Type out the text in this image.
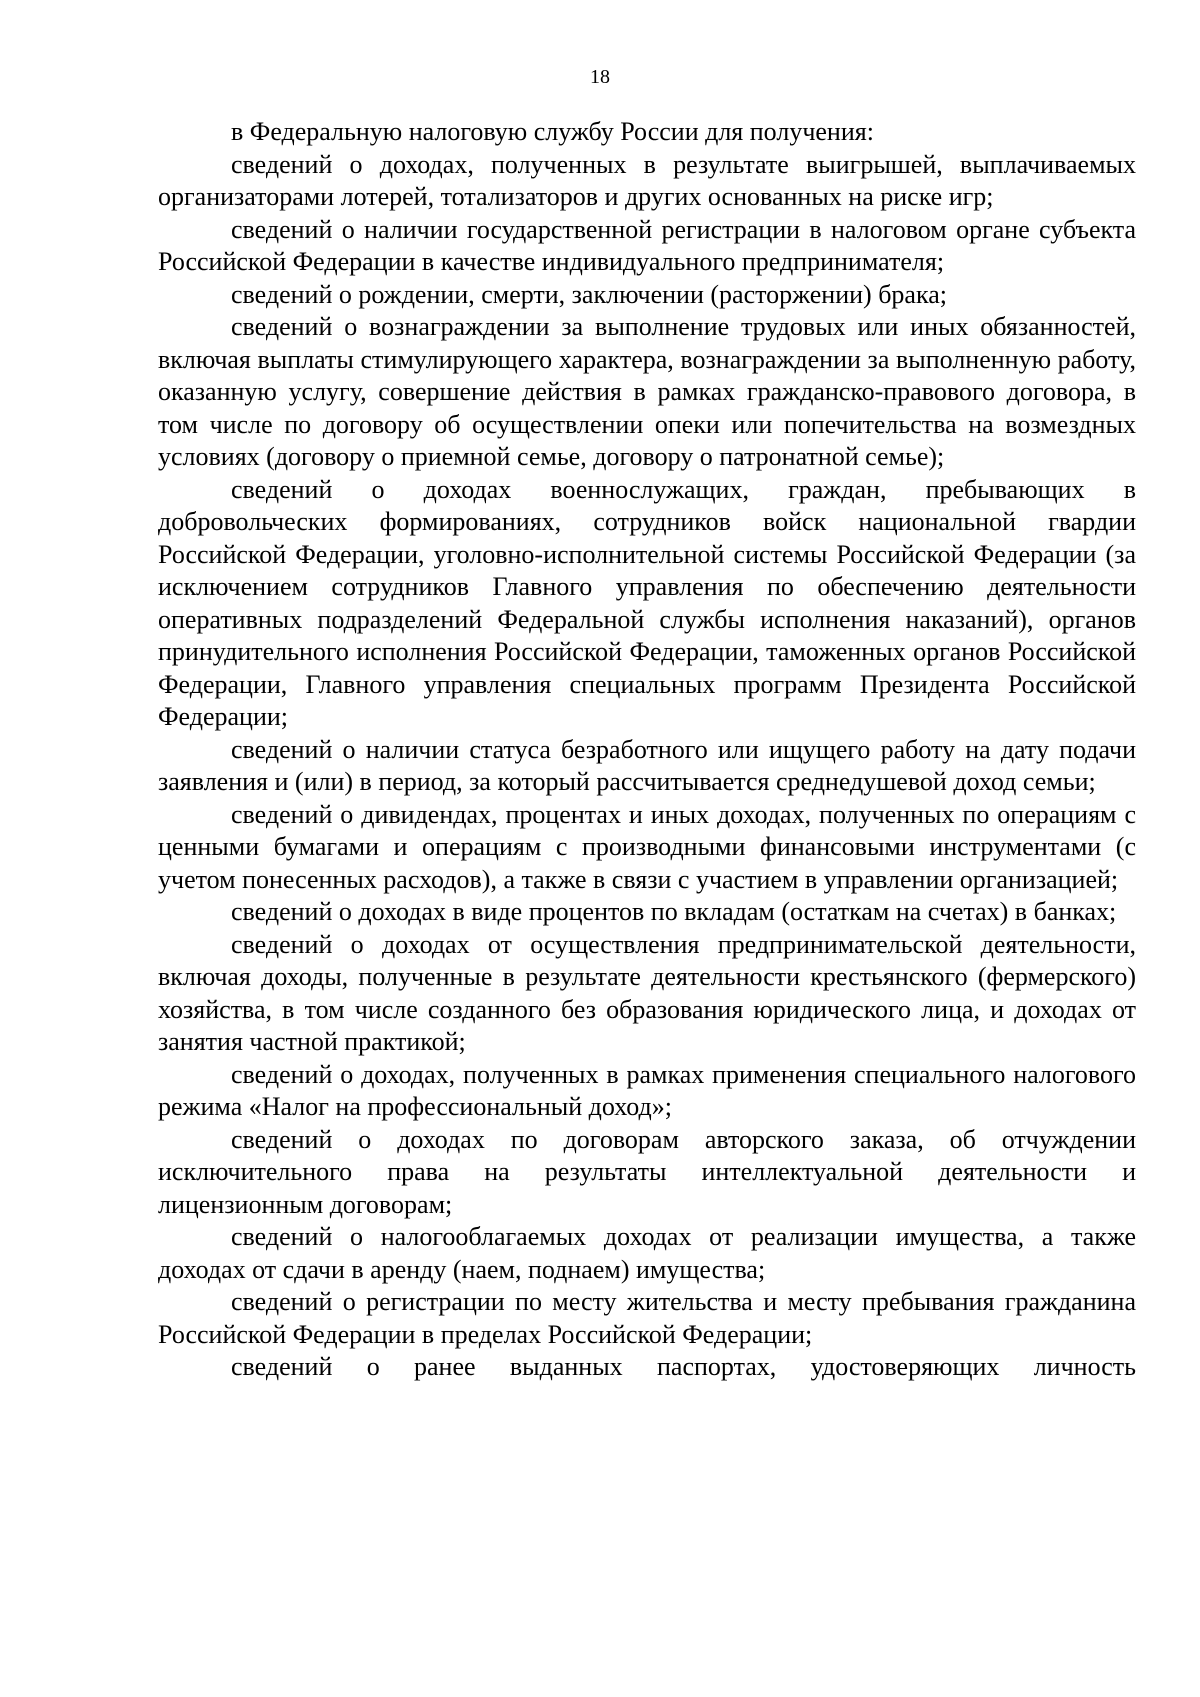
18

в Федеральную налоговую службу России для получения:

сведений о доходах, полученных в результате выигрышей, выплачиваемых организаторами лотерей, тотализаторов и других основанных на риске игр;

сведений о наличии государственной регистрации в налоговом органе субъекта Российской Федерации в качестве индивидуального предпринимателя;

сведений о рождении, смерти, заключении (расторжении) брака;

сведений о вознаграждении за выполнение трудовых или иных обязанностей, включая выплаты стимулирующего характера, вознаграждении за выполненную работу, оказанную услугу, совершение действия в рамках гражданско-правового договора, в том числе по договору об осуществлении опеки или попечительства на возмездных условиях (договору о приемной семье, договору о патронатной семье);

сведений о доходах военнослужащих, граждан, пребывающих в добровольческих формированиях, сотрудников войск национальной гвардии Российской Федерации, уголовно-исполнительной системы Российской Федерации (за исключением сотрудников Главного управления по обеспечению деятельности оперативных подразделений Федеральной службы исполнения наказаний), органов принудительного исполнения Российской Федерации, таможенных органов Российской Федерации, Главного управления специальных программ Президента Российской Федерации;

сведений о наличии статуса безработного или ищущего работу на дату подачи заявления и (или) в период, за который рассчитывается среднедушевой доход семьи;

сведений о дивидендах, процентах и иных доходах, полученных по операциям с ценными бумагами и операциям с производными финансовыми инструментами (с учетом понесенных расходов), а также в связи с участием в управлении организацией;

сведений о доходах в виде процентов по вкладам (остаткам на счетах) в банках;

сведений о доходах от осуществления предпринимательской деятельности, включая доходы, полученные в результате деятельности крестьянского (фермерского) хозяйства, в том числе созданного без образования юридического лица, и доходах от занятия частной практикой;

сведений о доходах, полученных в рамках применения специального налогового режима «Налог на профессиональный доход»;

сведений о доходах по договорам авторского заказа, об отчуждении исключительного права на результаты интеллектуальной деятельности и лицензионным договорам;

сведений о налогооблагаемых доходах от реализации имущества, а также доходах от сдачи в аренду (наем, поднаем) имущества;

сведений о регистрации по месту жительства и месту пребывания гражданина Российской Федерации в пределах Российской Федерации;

сведений о ранее выданных паспортах, удостоверяющих личность
